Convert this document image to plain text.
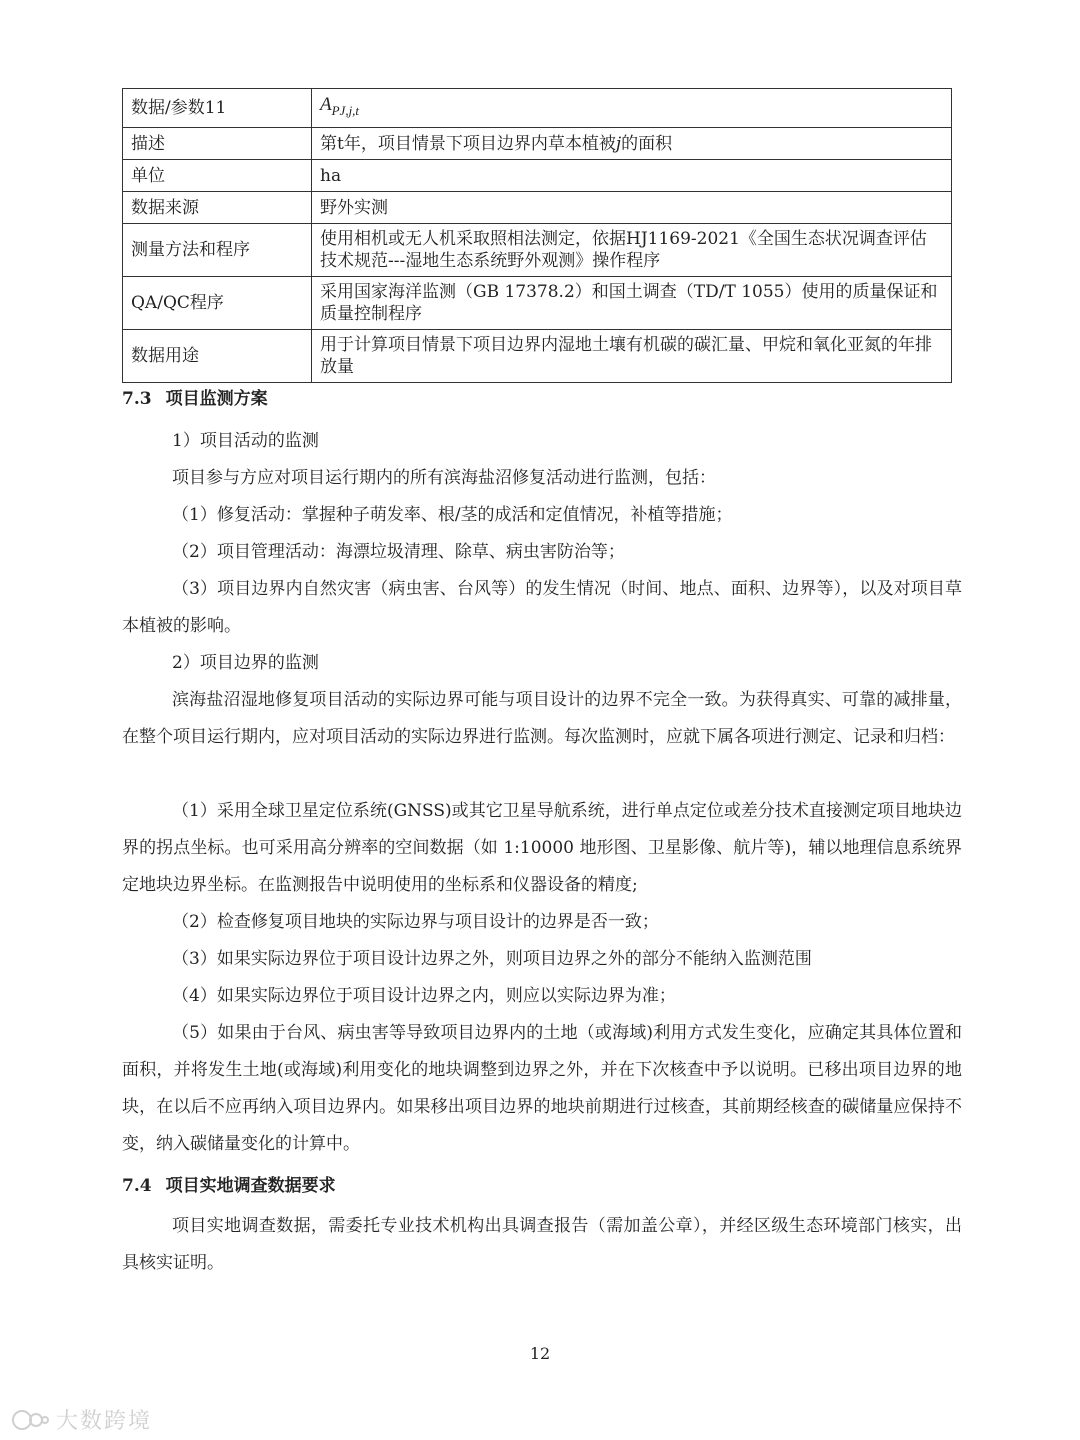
数据/参数11	$A_{PJ,j,t}$
描述	第t年，项目情景下项目边界内草本植被j的面积
单位	ha
数据来源	野外实测
测量方法和程序	使用相机或无人机采取照相法测定，依据HJ1169-2021《全国生态状况调查评估技术规范---湿地生态系统野外观测》操作程序
QA/QC程序	采用国家海洋监测（GB 17378.2）和国土调查（TD/T 1055）使用的质量保证和质量控制程序
数据用途	用于计算项目情景下项目边界内湿地土壤有机碳的碳汇量、甲烷和氧化亚氮的年排放量
7.3 项目监测方案
1）项目活动的监测
项目参与方应对项目运行期内的所有滨海盐沼修复活动进行监测，包括：
（1）修复活动：掌握种子萌发率、根/茎的成活和定值情况，补植等措施；
（2）项目管理活动：海漂垃圾清理、除草、病虫害防治等；
（3）项目边界内自然灾害（病虫害、台风等）的发生情况（时间、地点、面积、边界等），以及对项目草本植被的影响。
2）项目边界的监测
滨海盐沼湿地修复项目活动的实际边界可能与项目设计的边界不完全一致。为获得真实、可靠的减排量，在整个项目运行期内，应对项目活动的实际边界进行监测。每次监测时，应就下属各项进行测定、记录和归档：
（1）采用全球卫星定位系统(GNSS)或其它卫星导航系统，进行单点定位或差分技术直接测定项目地块边界的拐点坐标。也可采用高分辨率的空间数据（如 1:10000 地形图、卫星影像、航片等)，辅以地理信息系统界定地块边界坐标。在监测报告中说明使用的坐标系和仪器设备的精度;
（2）检查修复项目地块的实际边界与项目设计的边界是否一致；
（3）如果实际边界位于项目设计边界之外，则项目边界之外的部分不能纳入监测范围
（4）如果实际边界位于项目设计边界之内，则应以实际边界为准；
（5）如果由于台风、病虫害等导致项目边界内的土地（或海域)利用方式发生变化，应确定其具体位置和面积，并将发生土地(或海域)利用变化的地块调整到边界之外，并在下次核查中予以说明。已移出项目边界的地块，在以后不应再纳入项目边界内。如果移出项目边界的地块前期进行过核查，其前期经核查的碳储量应保持不变，纳入碳储量变化的计算中。
7.4 项目实地调查数据要求
项目实地调查数据，需委托专业技术机构出具调查报告（需加盖公章），并经区级生态环境部门核实，出具核实证明。
12
大数跨境
